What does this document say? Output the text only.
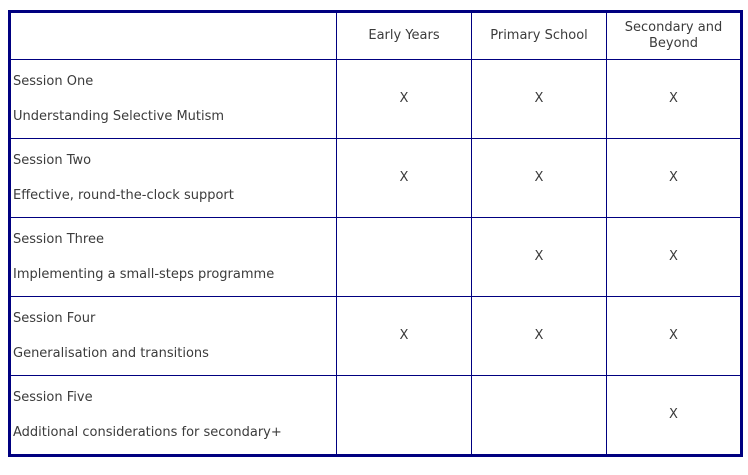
	Early Years	Primary School	Secondary and Beyond

Session One

Understanding Selective Mutism	X	X	X

Session Two

Effective, round-the-clock support	X	X	X

Session Three

Implementing a small-steps programme		X	X

Session Four

Generalisation and transitions	X	X	X

Session Five

Additional considerations for secondary+			X
